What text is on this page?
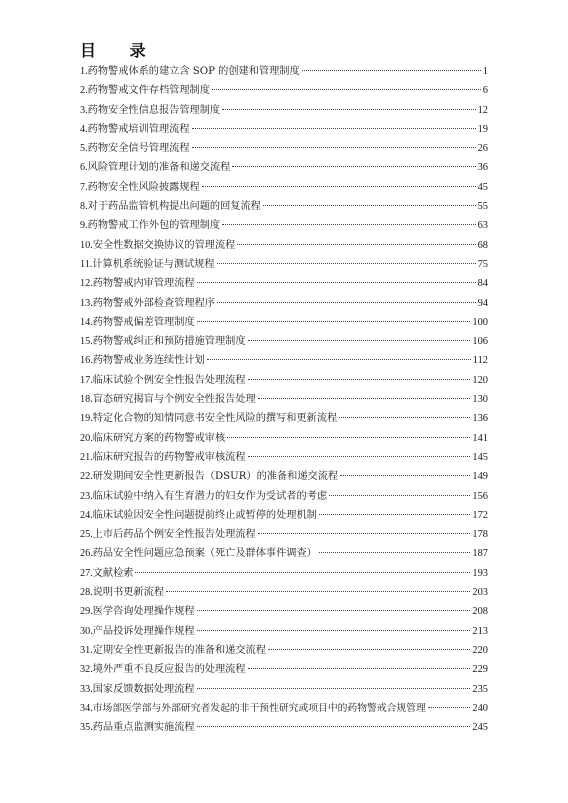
目 录
1. 药物警戒体系的建立含 SOP 的创建和管理制度	1
2. 药物警戒文件存档管理制度	6
3. 药物安全性信息报告管理制度	12
4. 药物警戒培训管理流程	19
5. 药物安全信号管理流程	26
6. 风险管理计划的准备和递交流程	36
7. 药物安全性风险披露规程	45
8. 对于药品监管机构提出问题的回复流程	55
9. 药物警戒工作外包的管理制度	63
10. 安全性数据交换协议的管理流程	68
11. 计算机系统验证与测试规程	75
12. 药物警戒内审管理流程	84
13. 药物警戒外部检查管理程序	94
14. 药物警戒偏差管理制度	100
15. 药物警戒纠正和预防措施管理制度	106
16. 药物警戒业务连续性计划	112
17. 临床试验个例安全性报告处理流程	120
18. 盲态研究揭盲与个例安全性报告处理	130
19. 特定化合物的知情同意书安全性风险的撰写和更新流程	136
20. 临床研究方案的药物警戒审核	141
21. 临床研究报告的药物警戒审核流程	145
22. 研发期间安全性更新报告（DSUR）的准备和递交流程	149
23. 临床试验中纳入有生育潜力的妇女作为受试者的考虑	156
24. 临床试验因安全性问题提前终止或暂停的处理机制	172
25. 上市后药品个例安全性报告处理流程	178
26. 药品安全性问题应急预案（死亡及群体事件调查）	187
27. 文献检索	193
28. 说明书更新流程	203
29. 医学咨询处理操作规程	208
30. 产品投诉处理操作规程	213
31. 定期安全性更新报告的准备和递交流程	220
32. 境外严重不良反应报告的处理流程	229
33. 国家反馈数据处理流程	235
34. 市场部医学部与外部研究者发起的非干预性研究或项目中的药物警戒合规管理	240
35. 药品重点监测实施流程	245
